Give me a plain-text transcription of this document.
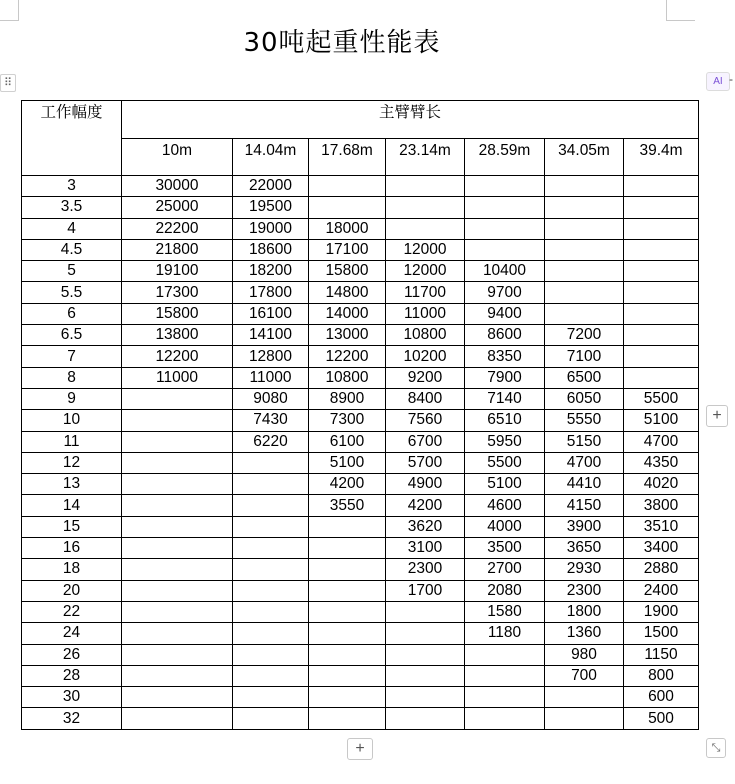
30吨起重性能表
⠿	AI -
工作幅度	主臂臂长						
	10m	14.04m	17.68m	23.14m	28.59m	34.05m	39.4m
3	30000	22000					
3.5	25000	19500					
4	22200	19000	18000				
4.5	21800	18600	17100	12000			
5	19100	18200	15800	12000	10400		
5.5	17300	17800	14800	11700	9700		
6	15800	16100	14000	11000	9400		
6.5	13800	14100	13000	10800	8600	7200	
7	12200	12800	12200	10200	8350	7100	
8	11000	11000	10800	9200	7900	6500	
9		9080	8900	8400	7140	6050	5500
10		7430	7300	7560	6510	5550	5100
11		6220	6100	6700	5950	5150	4700
12			5100	5700	5500	4700	4350
13			4200	4900	5100	4410	4020
14			3550	4200	4600	4150	3800
15				3620	4000	3900	3510
16				3100	3500	3650	3400
18				2300	2700	2930	2880
20				1700	2080	2300	2400
22					1580	1800	1900
24					1180	1360	1500
26						980	1150
28						700	800
30							600
32							500
+
+	⤡
